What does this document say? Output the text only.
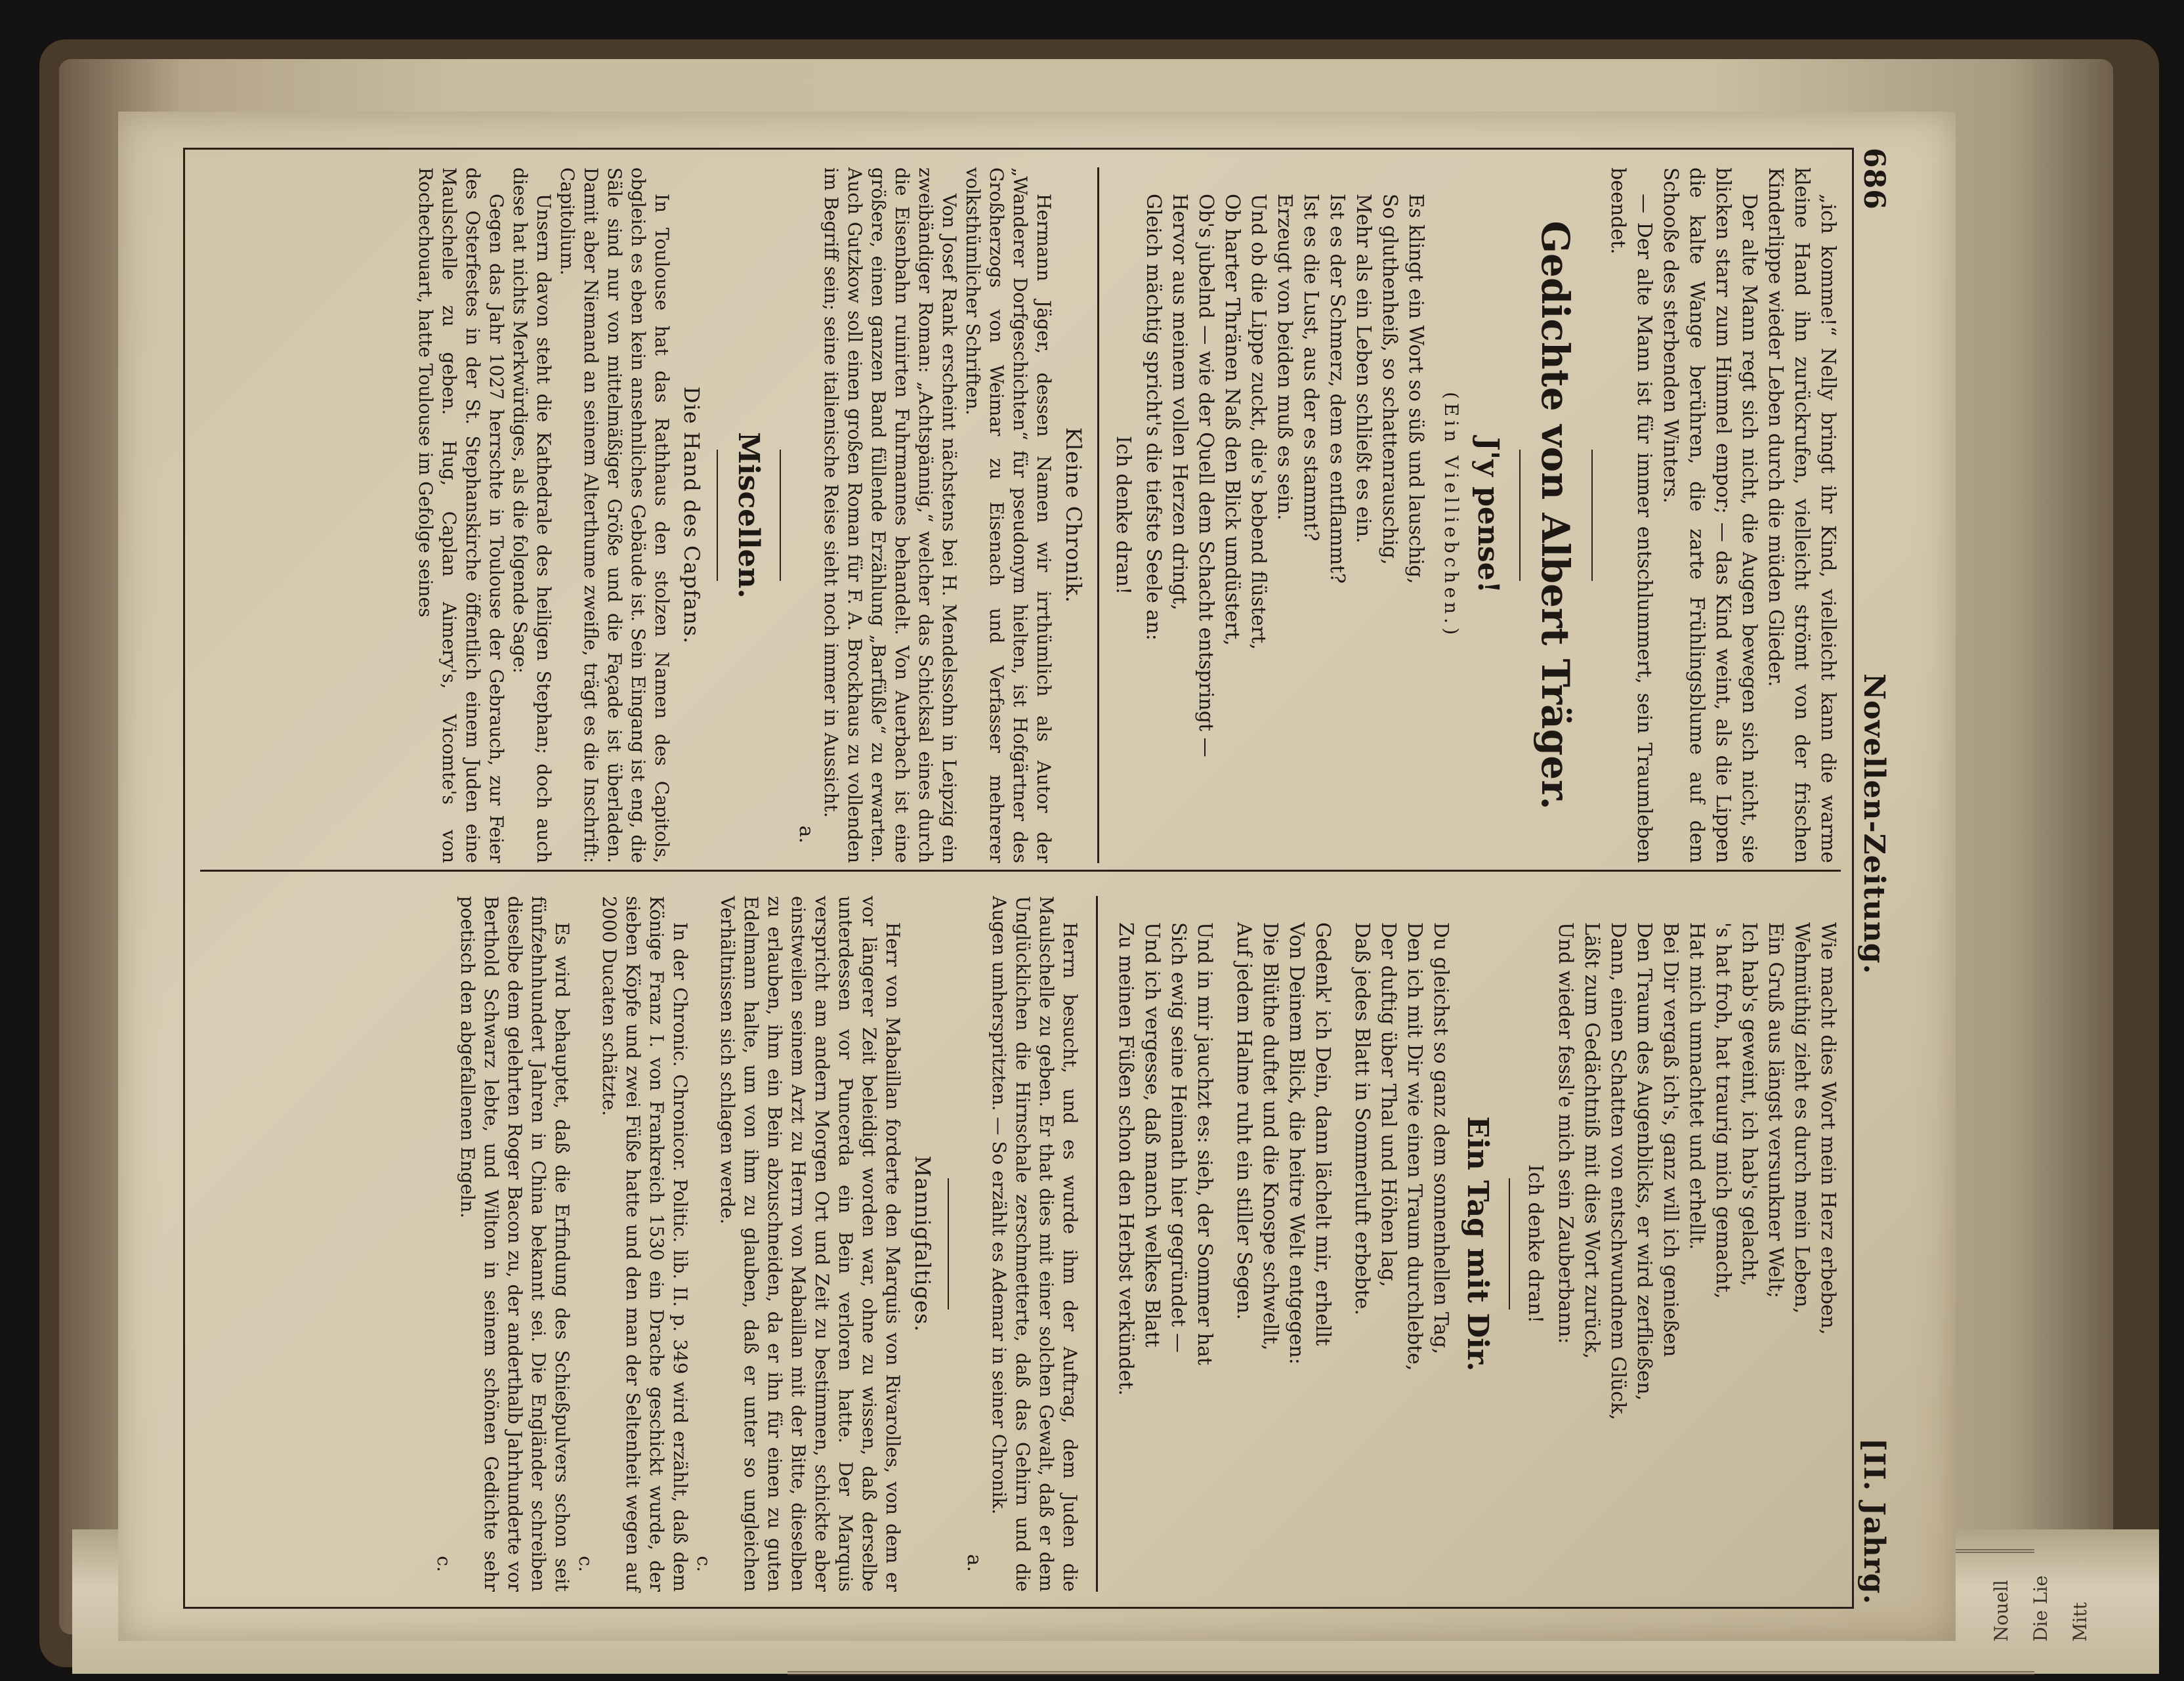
Nouell Die Lie Mitt
686
Novellen-Zeitung.
[II. Jahrg.

„ich komme!“ Nelly bringt ihr Kind, vielleicht kann die warme kleine Hand ihn zurückrufen, vielleicht strömt von der frischen Kinderlippe wieder Leben durch die müden Glieder.

Der alte Mann regt sich nicht, die Augen bewegen sich nicht, sie blicken starr zum Himmel empor; — das Kind weint, als die Lippen die kalte Wange berühren, die zarte Frühlingsblume auf dem Schooße des sterbenden Winters.

— Der alte Mann ist für immer entschlummert, sein Traumleben beendet.

Gedichte von Albert Träger.
J'y pense!
(Ein Vielliebchen.)
Es klingt ein Wort so süß und lauschig,
So gluthenheiß, so schattenrauschig,
Mehr als ein Leben schließt es ein.
Ist es der Schmerz, dem es entflammt?
Ist es die Lust, aus der es stammt?
Erzeugt von beiden muß es sein.
Und ob die Lippe zuckt, die's bebend flüstert,
Ob harter Thränen Naß den Blick umdüstert,
Ob's jubelnd — wie der Quell dem Schacht entspringt —
Hervor aus meinem vollen Herzen dringt,
Gleich mächtig spricht's die tiefste Seele an:
Ich denke dran!
Kleine Chronik.

Hermann Jäger, dessen Namen wir irrthümlich als Autor der „Wanderer Dorfgeschichten“ für pseudonym hielten, ist Hofgärtner des Großherzogs von Weimar zu Eisenach und Verfasser mehrerer volksthümlicher Schriften.

Von Josef Rank erscheint nächstens bei H. Mendelssohn in Leipzig ein zweibändiger Roman: „Achtspännig,“ welcher das Schicksal eines durch die Eisenbahn ruinirten Fuhrmannes behandelt. Von Auerbach ist eine größere, einen ganzen Band füllende Erzählung „Barfüßle“ zu erwarten. Auch Gutzkow soll einen großen Roman für F. A. Brockhaus zu vollenden im Begriff sein; seine italienische Reise sieht noch immer in Aussicht.

a.
Miscellen.
Die Hand des Capfans.

In Toulouse hat das Rathhaus den stolzen Namen des Capitols, obgleich es eben kein ansehnliches Gebäude ist. Sein Eingang ist eng, die Säle sind nur von mittelmäßiger Größe und die Façade ist überladen. Damit aber Niemand an seinem Alterthume zweifle, trägt es die Inschrift: Capitolium.

Unsern davon steht die Kathedrale des heiligen Stephan; doch auch diese hat nichts Merkwürdiges, als die folgende Sage:

Gegen das Jahr 1027 herrschte in Toulouse der Gebrauch, zur Feier des Osterfestes in der St. Stephanskirche öffentlich einem Juden eine Maulschelle zu geben. Hug, Caplan Aimery's, Vicomte's von Rochechouart, hatte Toulouse im Gefolge seines

Wie macht dies Wort mein Herz erbeben,
Wehmüthig zieht es durch mein Leben,
Ein Gruß aus längst versunkner Welt;
Ich hab's geweint, ich hab's gelacht,
's hat froh, hat traurig mich gemacht,
Hat mich umnachtet und erhellt.
Bei Dir vergaß ich's, ganz will ich genießen
Den Traum des Augenblicks, er wird zerfließen,
Dann, einen Schatten von entschwundnem Glück,
Läßt zum Gedächtniß mit dies Wort zurück,
Und wieder fessl'e mich sein Zauberbann:
Ich denke dran!
Ein Tag mit Dir.
Du gleichst so ganz dem sonnenhellen Tag,
Den ich mit Dir wie einen Traum durchlebte,
Der duftig über Thal und Höhen lag,
Daß jedes Blatt in Sommerluft erbebte.
Gedenk' ich Dein, dann lächelt mir, erhellt
Von Deinem Blick, die heitre Welt entgegen:
Die Blüthe duftet und die Knospe schwellt,
Auf jedem Halme ruht ein stiller Segen.
Und in mir jauchzt es: sieh, der Sommer hat
Sich ewig seine Heimath hier gegründet —
Und ich vergesse, daß manch welkes Blatt
Zu meinen Füßen schon den Herbst verkündet.

Herrn besucht, und es wurde ihm der Auftrag, dem Juden die Maulschelle zu geben. Er that dies mit einer solchen Gewalt, daß er dem Unglücklichen die Hirnschale zerschmetterte, daß das Gehirn und die Augen umherspritzten. — So erzählt es Ademar in seiner Chronik.

a.
Mannigfaltiges.

Herr von Mabaillan forderte den Marquis von Rivarolles, von dem er vor längerer Zeit beleidigt worden war, ohne zu wissen, daß derselbe unterdessen vor Puncerda ein Bein verloren hatte. Der Marquis verspricht am andern Morgen Ort und Zeit zu bestimmen, schickte aber einstweilen seinem Arzt zu Herrn von Mabaillan mit der Bitte, dieselben zu erlauben, ihm ein Bein abzuschneiden, da er ihn für einen zu guten Edelmann halte, um von ihm zu glauben, daß er unter so ungleichen Verhältnissen sich schlagen werde.

c.

In der Chronic. Chronicor. Politic. lib. II. p. 349 wird erzählt, daß dem Könige Franz I. von Frankreich 1530 ein Drache geschickt wurde, der sieben Köpfe und zwei Füße hatte und den man der Seltenheit wegen auf 2000 Ducaten schätzte.

c.

Es wird behauptet, daß die Erfindung des Schießpulvers schon seit fünfzehnhundert Jahren in China bekannt sei. Die Engländer schreiben dieselbe dem gelehrten Roger Bacon zu, der anderthalb Jahrhunderte vor Berthold Schwarz lebte, und Wilton in seinem schönen Gedichte sehr poetisch den abgefallenen Engeln.

c.
